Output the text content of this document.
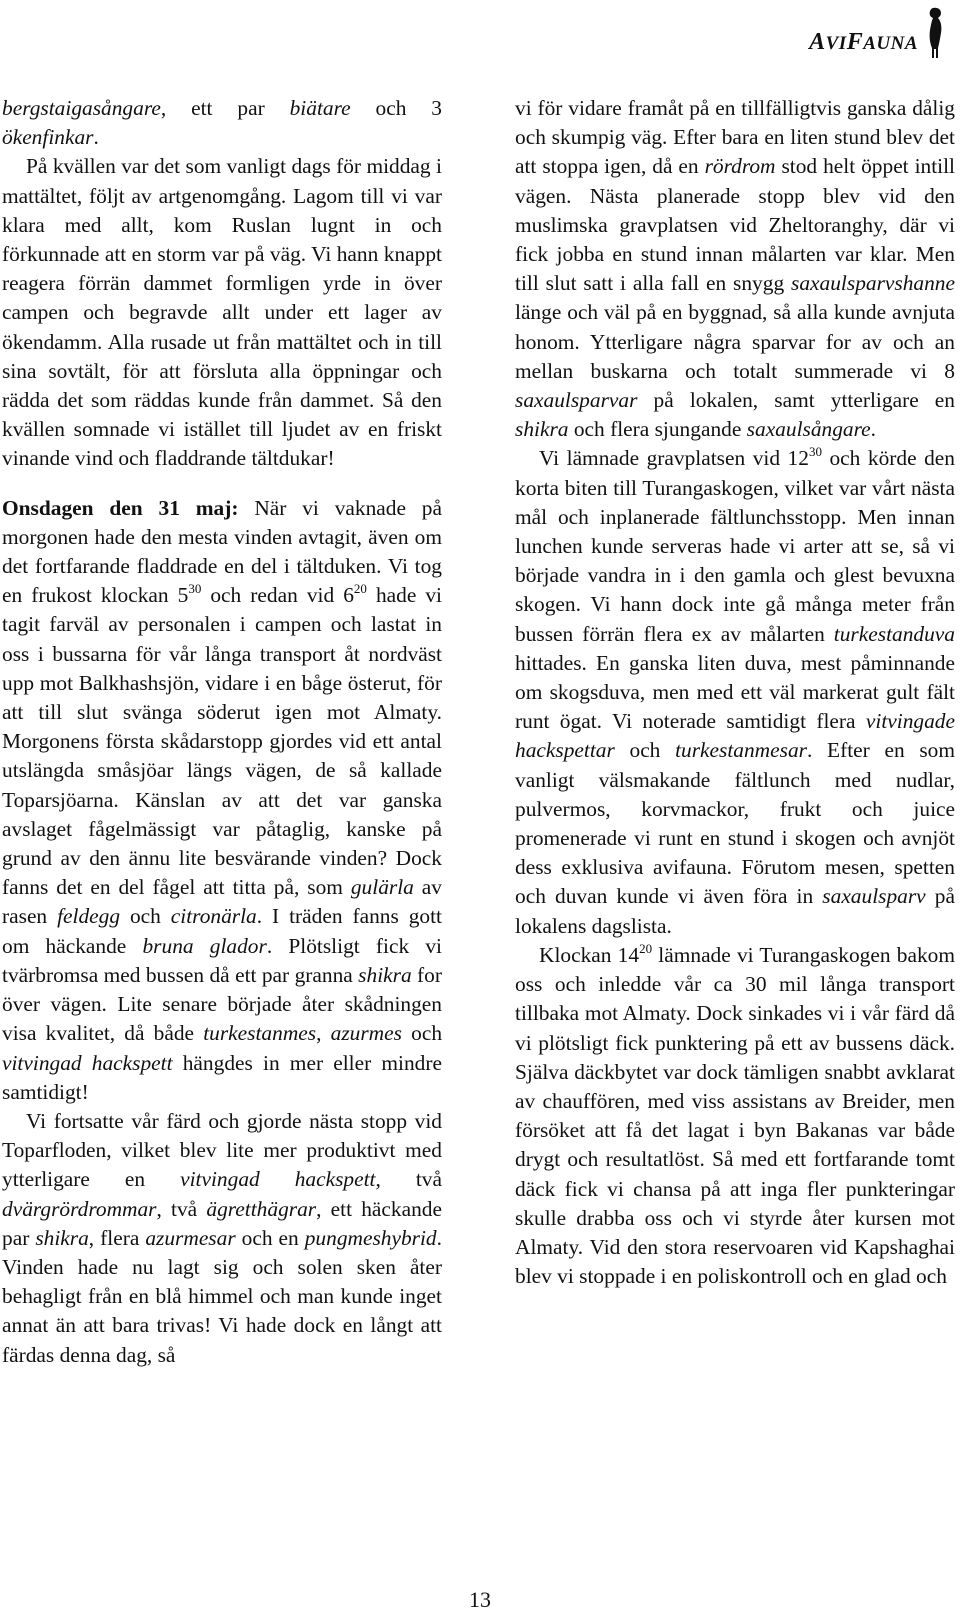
AVIFAUNA

bergstaigasångare, ett par biätare och 3 ökenfinkar.

På kvällen var det som vanligt dags för middag i mattältet, följt av artgenomgång. Lagom till vi var klara med allt, kom Ruslan lugnt in och förkunnade att en storm var på väg. Vi hann knappt reagera förrän dammet formligen yrde in över campen och begravde allt under ett lager av ökendamm. Alla rusade ut från mattältet och in till sina sovtält, för att försluta alla öppningar och rädda det som räddas kunde från dammet. Så den kvällen somnade vi istället till ljudet av en friskt vinande vind och fladdrande tältdukar!

Onsdagen den 31 maj: När vi vaknade på morgonen hade den mesta vinden avtagit, även om det fortfarande fladdrade en del i tältduken. Vi tog en frukost klockan $5^{30}$ och redan vid $6^{20}$ hade vi tagit farväl av personalen i campen och lastat in oss i bussarna för vår långa transport åt nordväst upp mot Balkhashsjön, vidare i en båge österut, för att till slut svänga söderut igen mot Almaty. Morgonens första skådarstopp gjordes vid ett antal utslängda småsjöar längs vägen, de så kallade Toparsjöarna. Känslan av att det var ganska avslaget fågelmässigt var påtaglig, kanske på grund av den ännu lite besvärande vinden? Dock fanns det en del fågel att titta på, som gulärla av rasen feldegg och citronärla. I träden fanns gott om häckande bruna glador. Plötsligt fick vi tvärbromsa med bussen då ett par granna shikra for över vägen. Lite senare började åter skådningen visa kvalitet, då både turkestanmes, azurmes och vitvingad hackspett hängdes in mer eller mindre samtidigt!

Vi fortsatte vår färd och gjorde nästa stopp vid Toparfloden, vilket blev lite mer produktivt med ytterligare en vitvingad hackspett, två dvärgrördrommar, två ägretthägrar, ett häckande par shikra, flera azurmesar och en pungmeshybrid. Vinden hade nu lagt sig och solen sken åter behagligt från en blå himmel och man kunde inget annat än att bara trivas! Vi hade dock en långt att färdas denna dag, så

vi för vidare framåt på en tillfälligtvis ganska dålig och skumpig väg. Efter bara en liten stund blev det att stoppa igen, då en rördrom stod helt öppet intill vägen. Nästa planerade stopp blev vid den muslimska gravplatsen vid Zheltoranghy, där vi fick jobba en stund innan målarten var klar. Men till slut satt i alla fall en snygg saxaulsparvshanne länge och väl på en byggnad, så alla kunde avnjuta honom. Ytterligare några sparvar for av och an mellan buskarna och totalt summerade vi 8 saxaulsparvar på lokalen, samt ytterligare en shikra och flera sjungande saxaulsångare.

Vi lämnade gravplatsen vid $12^{30}$ och körde den korta biten till Turangaskogen, vilket var vårt nästa mål och inplanerade fältlunchsstopp. Men innan lunchen kunde serveras hade vi arter att se, så vi började vandra in i den gamla och glest bevuxna skogen. Vi hann dock inte gå många meter från bussen förrän flera ex av målarten turkestanduva hittades. En ganska liten duva, mest påminnande om skogsduva, men med ett väl markerat gult fält runt ögat. Vi noterade samtidigt flera vitvingade hackspettar och turkestanmesar. Efter en som vanligt välsmakande fältlunch med nudlar, pulvermos, korvmackor, frukt och juice promenerade vi runt en stund i skogen och avnjöt dess exklusiva avifauna. Förutom mesen, spetten och duvan kunde vi även föra in saxaulsparv på lokalens dagslista.

Klockan $14^{20}$ lämnade vi Turangaskogen bakom oss och inledde vår ca 30 mil långa transport tillbaka mot Almaty. Dock sinkades vi i vår färd då vi plötsligt fick punktering på ett av bussens däck. Själva däckbytet var dock tämligen snabbt avklarat av chauffören, med viss assistans av Breider, men försöket att få det lagat i byn Bakanas var både drygt och resultatlöst. Så med ett fortfarande tomt däck fick vi chansa på att inga fler punkteringar skulle drabba oss och vi styrde åter kursen mot Almaty. Vid den stora reservoaren vid Kapshaghai blev vi stoppade i en poliskontroll och en glad och

13
